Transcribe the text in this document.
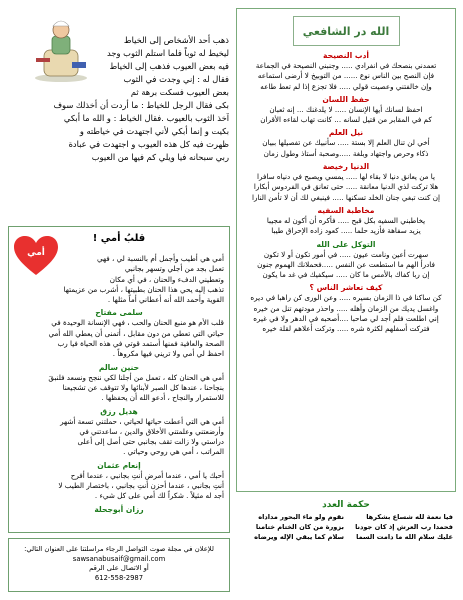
ذهب أحد الأشخاص إلى الخياط

ليخيط له ثوباً فلما استلم الثوب وجد

فيه بعض العيوب فذهب إلى الخياط

فقال له : إني وجدت في الثوب

بعض العيوب فسكت برهة ثم

بكى فقال الرجل للخياط : ما أردت أن أخذلك سوف

آخذ الثوب بالعيوب .فقال الخياط : و الله ما أبكي

بكيت و إنما أبكي لأني اجتهدت في خياطته و

ظهرت فيه كل هذه العيوب و اجتهدت في عبادة

ربي سبحانه فيا ويلي كم فيها من العيوب

الله در الشافعي

أدب النصيحة

تعمدني بنصحك في انفرادي ..... وجنبني النصيحة في الجماعة

فإن النصح بين الناس نوع ...... من التوبيخ لا أرضى استماعه

وإن خالفتني وعصيت قولي ..... فلا تجزع إذا لم تعط طاعه

حفظ اللسان

احفظ لسانك أيها الإنسان ..... لا يلدغنك ... إنه ثعبان

كم في المقابر من قتيل لسانه ... كانت تهاب لقاءه الأقران

نيل العلم

أخي لن تنال العلم إلا بستة ..... سأنبيك عن تفصيلها ببيان

ذكاء وحرص واجتهاد وبلغة .....وصحبة أستاذ وطول زمان

الدنيا رخيصة

يا من يعانق دنيا لا بقاء لها ..... يمسي ويصبح في دنياه سافرا

هلا تركت لذي الدنيا معانقة ..... حتى تعانق في الفردوس أبكارا

إن كنت تبغي جنان الخلد تسكنها ..... فينبغي لك أن لا تأمن النارا

مخاطبة السفيه

يخاطبني السفيه بكل قبح ..... فأكره أن أكون له مجيبا

يزيد سفاهة فأزيد حلما ..... كعود زاده الإحراق طيبا

التوكل على الله

سهرت أعين ونامت عيون ..... في أمور تكون أو لا تكون

فادرأ الهم ما استطعت عن النفس .....فحملانك الهموم جنون

إن ربا كفاك بالأمس ما كان ..... سيكفيك في غد ما يكون

كيف تعاشر الناس ؟

كن ساكنا في ذا الزمان بسيره ..... وعن الورى كن راهبا في ديره

واغسل يديك من الزمان وأهله ..... واحذر مودتهم تنل من خيره

إني اطلعت فلم أجد لي صاحبا ....أصحبه في الدهر ولا في غيره

فتركت أسفلهم لكثرة شره ..... وتركت أعلاهم لقلة خيره

أمي

قلبُ أمي !

أمي هي أطيب وأجمل أم بالنسبة لي ، فهي

تعمل بجد من أجلي وتسهر بجانبي

وتعطيني الدفء والحنان ، في أي مكان

تذهب إليه يحي هذا الحنان بطبيتها ، أشرب من عزيمتها

القوية وأحمد الله أنه أعطاني أماً مثلها .

سلمى مفتاح

قلب الأم هو منبع الحنان والحب ، فهي الإنسانة الوحيدة في

حياتي التي تعطي من دون مقابل ، أتمنى أن يعطي الله أمي

الصحة والعافية فمنها أستمد قوتي في هذه الحياة فيا رب

احفظ لي أمي ولا تريني فيها مكروهاً .

حنين سالم

أمي هي الحنان كله ، تعمل من أجلنا لكي ننجح ونسعد فلنبقَ

بنجاحنا ، عندها كل الصبر لأبنائها ولا تتوقف عن تشجيعنا

للاستمرار والنجاح ، أدعو الله أن يحفظها .

هديل رزق

أمي هي التي أعطت حياتها لحياتي ، حملتني تسعة أشهر

وأرضعتني وعلمتني الأخلاق والدين ، ساعدتني في

دراستي ولا زالت تقف بجانبي حتى أصل إلى أعلى

المراتب ، أمي هي روحي وحياتي .

إنعام عثمان

أحبك يا أمي ، عندما أمرض أنتِ بجانبي ، عندما أفرح

أنتِ بجانبي ، عندما أحزن أنتِ بجانبي ، باختصار الطيب لا

أجد له مثيلاً . شكراً لك أمي على كل شيء .

رزان أبوجحلة

للإعلان في مجلة صوت التواصل الرجاء مراسلتنا على العنوان التالي:

sawsanabusaif@gmail.com

أو الاتصال على الرقم

612-558-2987

حكمة العدد

فيا نعمة لله شساع بشكرها
نقوم ولو ماء البحور مداداه
فحمدا رب العرش إذ كان جودنا
بزورة من كان الختام ختامنا
عليك سلام الله ما دامت السما
سلام كما يبقي الإله ويرضاه
